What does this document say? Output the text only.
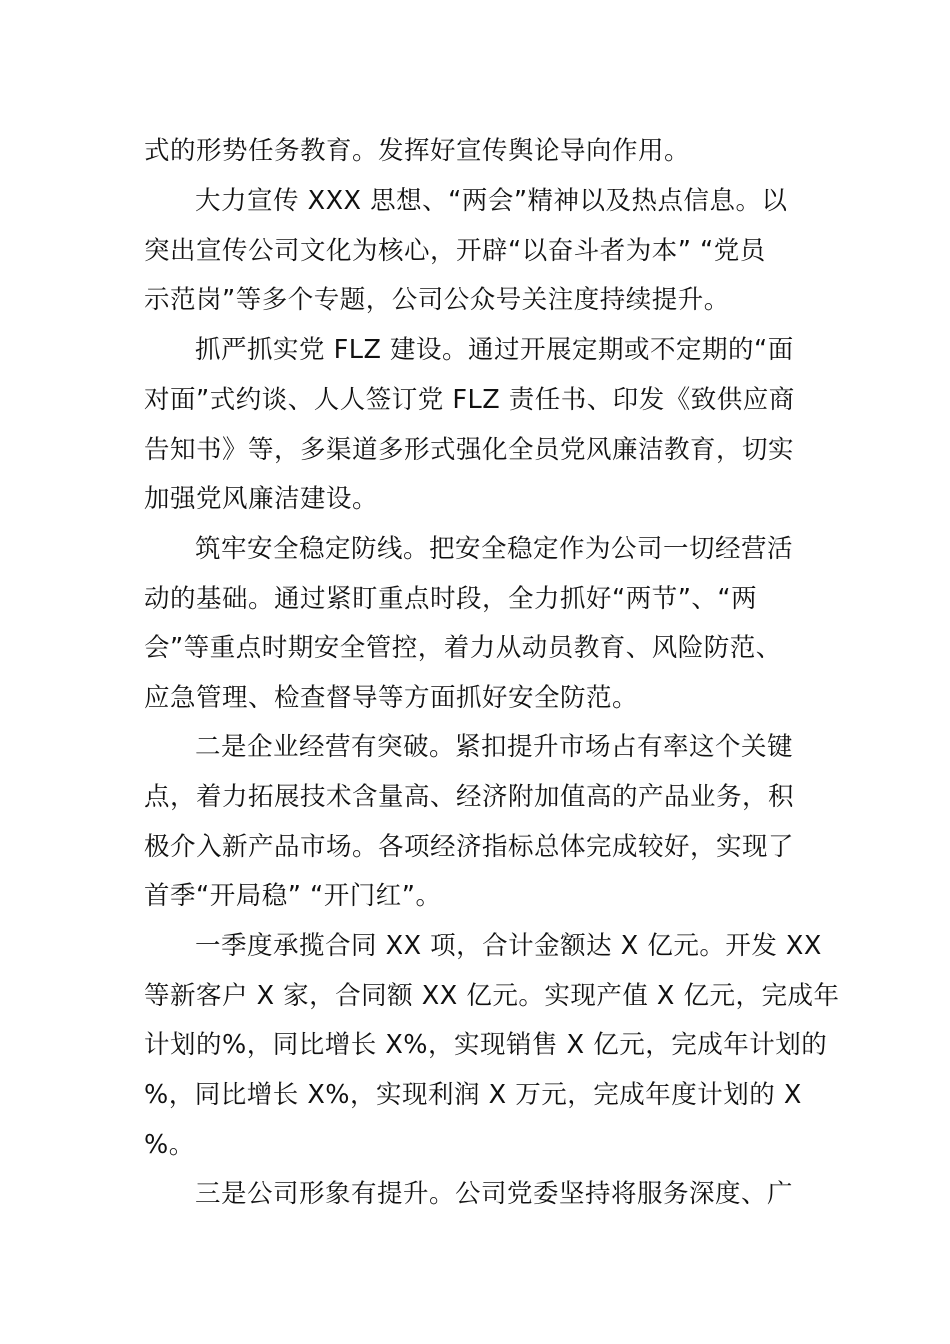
式的形势任务教育。发挥好宣传舆论导向作用。
大力宣传 XXX 思想、“两会”精神以及热点信息。以
突出宣传公司文化为核心，开辟“以奋斗者为本” “党员
示范岗”等多个专题，公司公众号关注度持续提升。
抓严抓实党 FLZ 建设。通过开展定期或不定期的“面
对面”式约谈、人人签订党 FLZ 责任书、印发《致供应商
告知书》等，多渠道多形式强化全员党风廉洁教育，切实
加强党风廉洁建设。
筑牢安全稳定防线。把安全稳定作为公司一切经营活
动的基础。通过紧盯重点时段，全力抓好“两节”、“两
会”等重点时期安全管控，着力从动员教育、风险防范、
应急管理、检查督导等方面抓好安全防范。
二是企业经营有突破。紧扣提升市场占有率这个关键
点，着力拓展技术含量高、经济附加值高的产品业务，积
极介入新产品市场。各项经济指标总体完成较好，实现了
首季“开局稳” “开门红”。
一季度承揽合同 XX 项，合计金额达 X 亿元。开发 XX
等新客户 X 家，合同额 XX 亿元。实现产值 X 亿元，完成年
计划的%，同比增长 X%，实现销售 X 亿元，完成年计划的
%，同比增长 X%，实现利润 X 万元，完成年度计划的 X
%。
三是公司形象有提升。公司党委坚持将服务深度、广
